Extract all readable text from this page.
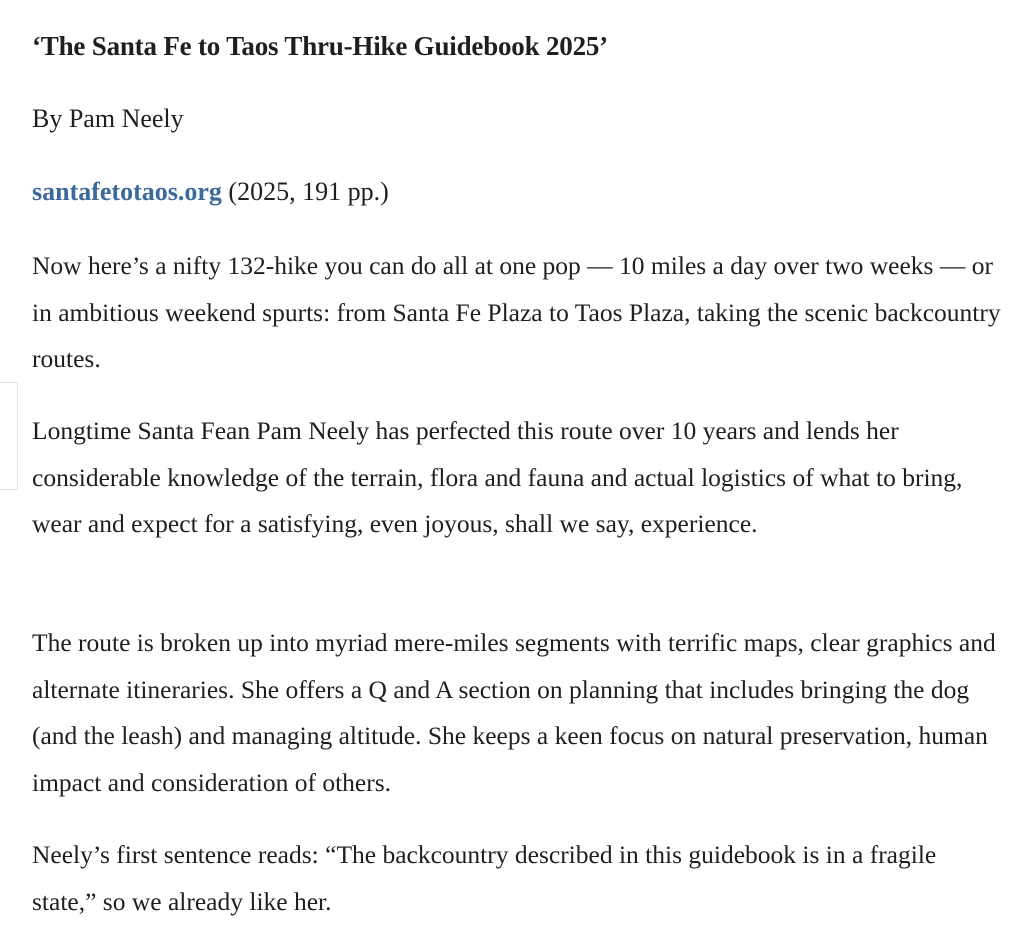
‘The Santa Fe to Taos Thru-Hike Guidebook 2025’

By Pam Neely

santafetotaos.org (2025, 191 pp.)

Now here’s a nifty 132-hike you can do all at one pop — 10 miles a day over two weeks — or in ambitious weekend spurts: from Santa Fe Plaza to Taos Plaza, taking the scenic backcountry routes.

Longtime Santa Fean Pam Neely has perfected this route over 10 years and lends her considerable knowledge of the terrain, flora and fauna and actual logistics of what to bring, wear and expect for a satisfying, even joyous, shall we say, experience.

The route is broken up into myriad mere-miles segments with terrific maps, clear graphics and alternate itineraries. She offers a Q and A section on planning that includes bringing the dog (and the leash) and managing altitude. She keeps a keen focus on natural preservation, human impact and consideration of others.

Neely’s first sentence reads: “The backcountry described in this guidebook is in a fragile state,” so we already like her.
